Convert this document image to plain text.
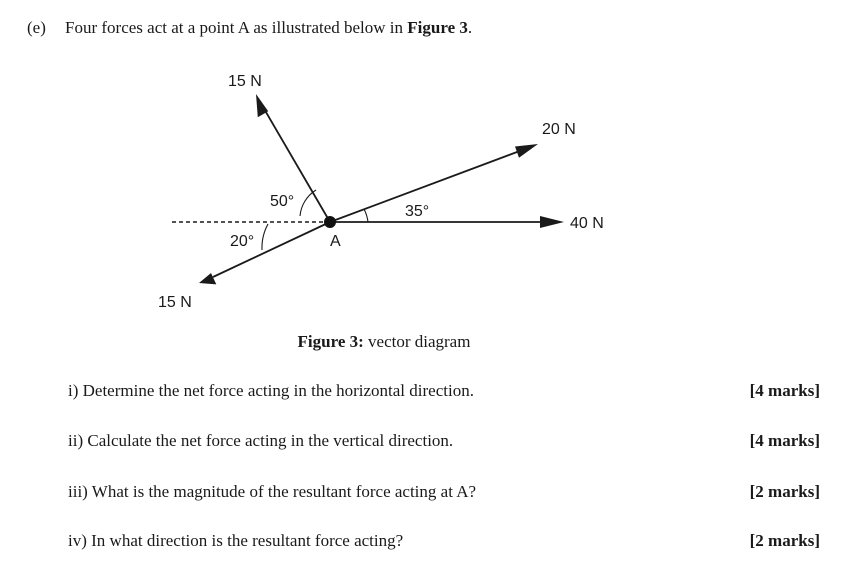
(e) Four forces act at a point A as illustrated below in Figure 3.
15 N
20 N
40 N
15 N
50°
35°
20°	A
Figure 3: vector diagram
i) Determine the net force acting in the horizontal direction.	[4 marks]
ii) Calculate the net force acting in the vertical direction.	[4 marks]
iii) What is the magnitude of the resultant force acting at A?	[2 marks]
iv) In what direction is the resultant force acting?	[2 marks]
